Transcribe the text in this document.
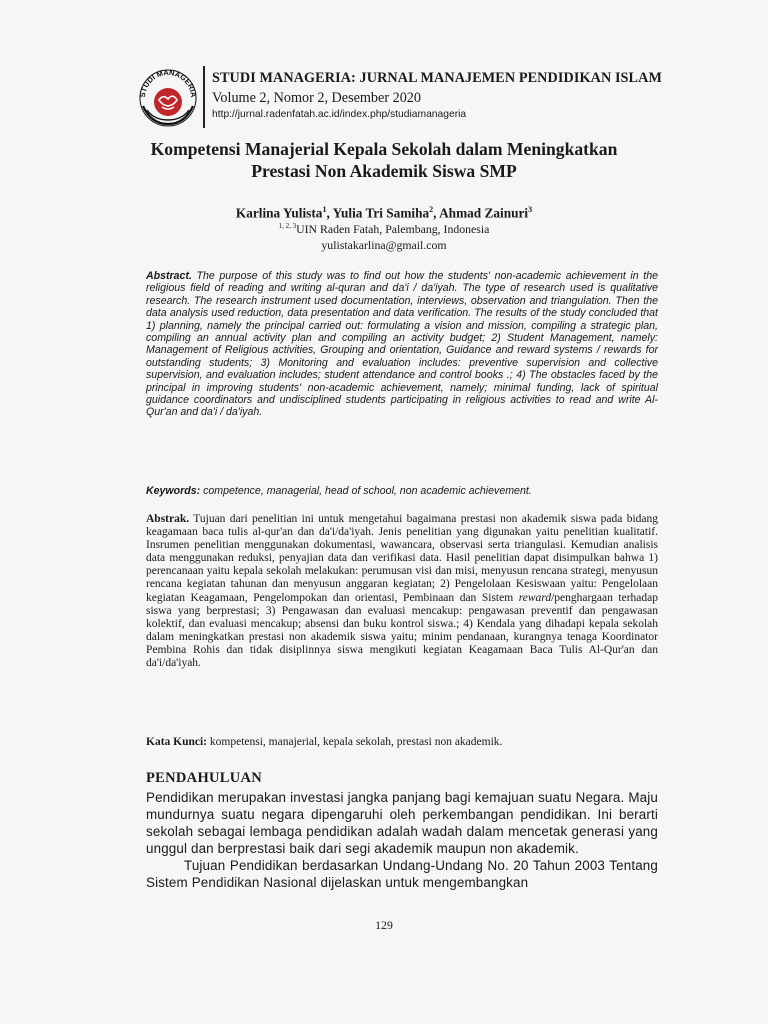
STUDI MANAGERIA
STUDI MANAGERIA: JURNAL MANAJEMEN PENDIDIKAN ISLAM
Volume 2, Nomor 2, Desember 2020
http://jurnal.radenfatah.ac.id/index.php/studiamanageria
Kompetensi Manajerial Kepala Sekolah dalam Meningkatkan
Prestasi Non Akademik Siswa SMP
Karlina Yulista$^1$, Yulia Tri Samiha$^2$, Ahmad Zainuri$^3$
$^{1, 2, 3}$UIN Raden Fatah, Palembang, Indonesia
yulistakarlina@gmail.com
Abstract. The purpose of this study was to find out how the students' non-academic achievement in the religious field of reading and writing al-quran and da'i / da'iyah. The type of research used is qualitative research. The research instrument used documentation, interviews, observation and triangulation. Then the data analysis used reduction, data presentation and data verification. The results of the study concluded that 1) planning, namely the principal carried out: formulating a vision and mission, compiling a strategic plan, compiling an annual activity plan and compiling an activity budget; 2) Student Management, namely: Management of Religious activities, Grouping and orientation, Guidance and reward systems / rewards for outstanding students; 3) Monitoring and evaluation includes: preventive supervision and collective supervision, and evaluation includes; student attendance and control books .; 4) The obstacles faced by the principal in improving students' non-academic achievement, namely; minimal funding, lack of spiritual guidance coordinators and undisciplined students participating in religious activities to read and write Al-Qur'an and da'i / da'iyah.
Keywords: competence, managerial, head of school, non academic achievement.
Abstrak. Tujuan dari penelitian ini untuk mengetahui bagaimana prestasi non akademik siswa pada bidang keagamaan baca tulis al-qur'an dan da'i/da'iyah. Jenis penelitian yang digunakan yaitu penelitian kualitatif. Insrumen penelitian menggunakan dokumentasi, wawancara, observasi serta triangulasi. Kemudian analisis data menggunakan reduksi, penyajian data dan verifikasi data. Hasil penelitian dapat disimpulkan bahwa 1) perencanaan yaitu kepala sekolah melakukan: perumusan visi dan misi, menyusun rencana strategi, menyusun rencana kegiatan tahunan dan menyusun anggaran kegiatan; 2) Pengelolaan Kesiswaan yaitu: Pengelolaan kegiatan Keagamaan, Pengelompokan dan orientasi, Pembinaan dan Sistem reward/penghargaan terhadap siswa yang berprestasi; 3) Pengawasan dan evaluasi mencakup: pengawasan preventif dan pengawasan kolektif, dan evaluasi mencakup; absensi dan buku kontrol siswa.; 4) Kendala yang dihadapi kepala sekolah dalam meningkatkan prestasi non akademik siswa yaitu; minim pendanaan, kurangnya tenaga Koordinator Pembina Rohis dan tidak disiplinnya siswa mengikuti kegiatan Keagamaan Baca Tulis Al-Qur'an dan da'i/da'iyah.
Kata Kunci: kompetensi, manajerial, kepala sekolah, prestasi non akademik.
PENDAHULUAN

Pendidikan merupakan investasi jangka panjang bagi kemajuan suatu Negara. Maju mundurnya suatu negara dipengaruhi oleh perkembangan pendidikan. Ini berarti sekolah sebagai lembaga pendidikan adalah wadah dalam mencetak generasi yang unggul dan berprestasi baik dari segi akademik maupun non akademik.

Tujuan Pendidikan berdasarkan Undang-Undang No. 20 Tahun 2003 Tentang Sistem Pendidikan Nasional dijelaskan untuk mengembangkan

129
